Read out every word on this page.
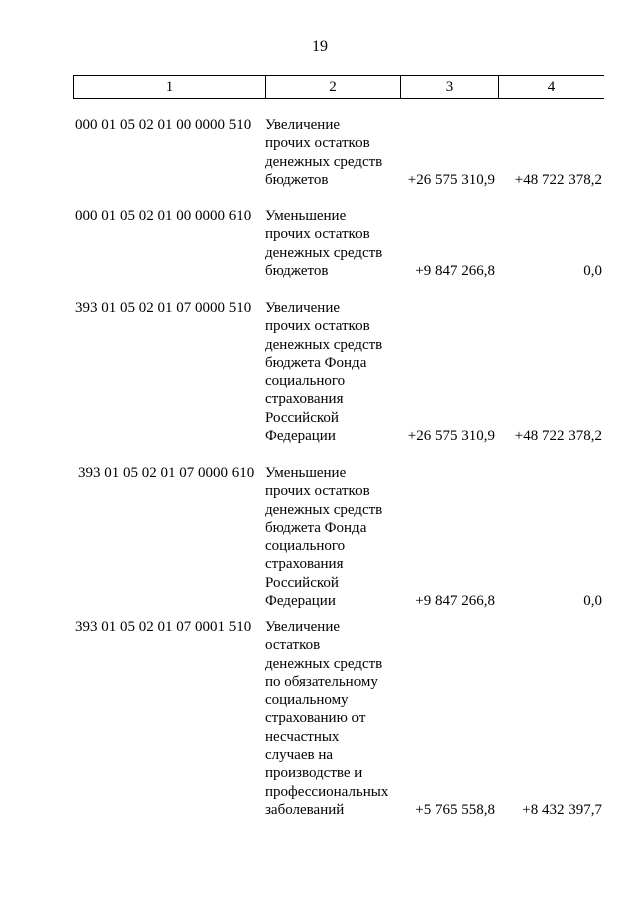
19
1	2	3	4
000 01 05 02 01 00 0000 510 Увеличение
прочих остатков
денежных средств
бюджетов	+26 575 310,9 +48 722 378,2
000 01 05 02 01 00 0000 610 Уменьшение
прочих остатков
денежных средств
бюджетов	+9 847 266,8	0,0
393 01 05 02 01 07 0000 510 Увеличение
прочих остатков
денежных средств
бюджета Фонда
социального
страхования
Российской
Федерации	+26 575 310,9 +48 722 378,2
393 01 05 02 01 07 0000 610 Уменьшение
прочих остатков
денежных средств
бюджета Фонда
социального
страхования
Российской
Федерации	+9 847 266,8	0,0
393 01 05 02 01 07 0001 510 Увеличение
остатков
денежных средств
по обязательному
социальному
страхованию от
несчастных
случаев на
производстве и
профессиональных
заболеваний	+5 765 558,8 +8 432 397,7
